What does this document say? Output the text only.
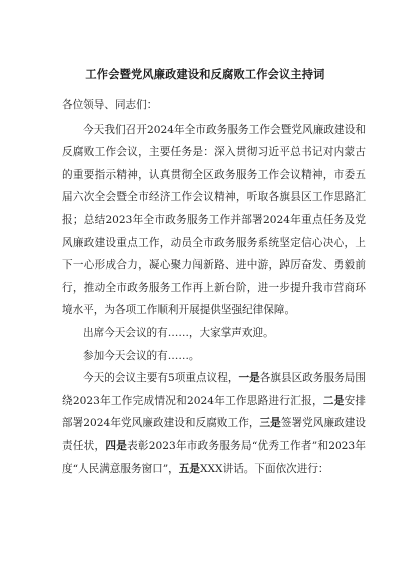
工作会暨党风廉政建设和反腐败工作会议主持词

各位领导、同志们：

今天我们召开2024年全市政务服务工作会暨党风廉政建设和反腐败工作会议，主要任务是：深入贯彻习近平总书记对内蒙古的重要指示精神，认真贯彻全区政务服务工作会议精神，市委五届六次全会暨全市经济工作会议精神，听取各旗县区工作思路汇报；总结2023年全市政务服务工作并部署2024年重点任务及党风廉政建设重点工作，动员全市政务服务系统坚定信心决心，上下一心形成合力，凝心聚力闯新路、进中游，踔厉奋发、勇毅前行，推动全市政务服务工作再上新台阶，进一步提升我市营商环境水平，为各项工作顺利开展提供坚强纪律保障。

出席今天会议的有……，大家掌声欢迎。

参加今天会议的有……。

今天的会议主要有5项重点议程，一是各旗县区政务服务局围绕2023年工作完成情况和2024年工作思路进行汇报，二是安排部署2024年党风廉政建设和反腐败工作，三是签署党风廉政建设责任状，四是表彰2023年市政务服务局“优秀工作者”和2023年度“人民满意服务窗口”，五是XXX讲话。下面依次进行：
